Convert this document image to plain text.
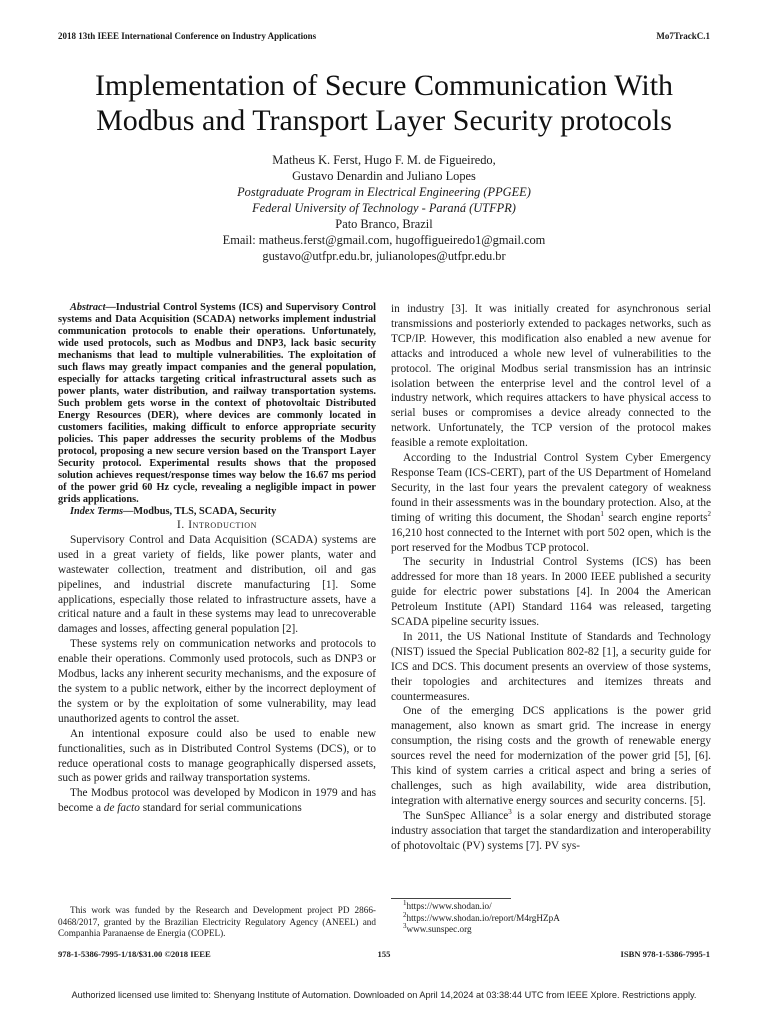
2018 13th IEEE International Conference on Industry Applications	Mo7TrackC.1
Implementation of Secure Communication With
Modbus and Transport Layer Security protocols
Matheus K. Ferst, Hugo F. M. de Figueiredo,
Gustavo Denardin and Juliano Lopes
Postgraduate Program in Electrical Engineering (PPGEE)
Federal University of Technology - Paraná (UTFPR)
Pato Branco, Brazil
Email: matheus.ferst@gmail.com, hugoffigueiredo1@gmail.com
gustavo@utfpr.edu.br, julianolopes@utfpr.edu.br

Abstract—Industrial Control Systems (ICS) and Supervisory Control systems and Data Acquisition (SCADA) networks implement industrial communication protocols to enable their operations. Unfortunately, wide used protocols, such as Modbus and DNP3, lack basic security mechanisms that lead to multiple vulnerabilities. The exploitation of such flaws may greatly impact companies and the general population, especially for attacks targeting critical infrastructural assets such as power plants, water distribution, and railway transportation systems. Such problem gets worse in the context of photovoltaic Distributed Energy Resources (DER), where devices are commonly located in customers facilities, making difficult to enforce appropriate security policies. This paper addresses the security problems of the Modbus protocol, proposing a new secure version based on the Transport Layer Security protocol. Experimental results shows that the proposed solution achieves request/response times way below the 16.67 ms period of the power grid 60 Hz cycle, revealing a negligible impact in power grids applications.

Index Terms—Modbus, TLS, SCADA, Security

I. Introduction

Supervisory Control and Data Acquisition (SCADA) systems are used in a great variety of fields, like power plants, water and wastewater collection, treatment and distribution, oil and gas pipelines, and industrial discrete manufacturing [1]. Some applications, especially those related to infrastructure assets, have a critical nature and a fault in these systems may lead to unrecoverable damages and losses, affecting general population [2].

These systems rely on communication networks and protocols to enable their operations. Commonly used protocols, such as DNP3 or Modbus, lacks any inherent security mechanisms, and the exposure of the system to a public network, either by the incorrect deployment of the system or by the exploitation of some vulnerability, may lead unauthorized agents to control the asset.

An intentional exposure could also be used to enable new functionalities, such as in Distributed Control Systems (DCS), or to reduce operational costs to manage geographically dispersed assets, such as power grids and railway transportation systems.

The Modbus protocol was developed by Modicon in 1979 and has become a de facto standard for serial communications

in industry [3]. It was initially created for asynchronous serial transmissions and posteriorly extended to packages networks, such as TCP/IP. However, this modification also enabled a new avenue for attacks and introduced a whole new level of vulnerabilities to the protocol. The original Modbus serial transmission has an intrinsic isolation between the enterprise level and the control level of a industry network, which requires attackers to have physical access to serial buses or compromises a device already connected to the network. Unfortunately, the TCP version of the protocol makes feasible a remote exploitation.

According to the Industrial Control System Cyber Emergency Response Team (ICS-CERT), part of the US Department of Homeland Security, in the last four years the prevalent category of weakness found in their assessments was in the boundary protection. Also, at the timing of writing this document, the Shodan$^1$ search engine reports$^2$ 16,210 host connected to the Internet with port 502 open, which is the port reserved for the Modbus TCP protocol.

The security in Industrial Control Systems (ICS) has been addressed for more than 18 years. In 2000 IEEE published a security guide for electric power substations [4]. In 2004 the American Petroleum Institute (API) Standard 1164 was released, targeting SCADA pipeline security issues.

In 2011, the US National Institute of Standards and Technology (NIST) issued the Special Publication 802-82 [1], a security guide for ICS and DCS. This document presents an overview of those systems, their topologies and architectures and itemizes threats and countermeasures.

One of the emerging DCS applications is the power grid management, also known as smart grid. The increase in energy consumption, the rising costs and the growth of renewable energy sources revel the need for modernization of the power grid [5], [6]. This kind of system carries a critical aspect and bring a series of challenges, such as high availability, wide area distribution, integration with alternative energy sources and security concerns. [5].

The SunSpec Alliance$^3$ is a solar energy and distributed storage industry association that target the standardization and interoperability of photovoltaic (PV) systems [7]. PV sys-

This work was funded by the Research and Development project PD 2866-0468/2017, granted by the Brazilian Electricity Regulatory Agency (ANEEL) and Companhia Paranaense de Energia (COPEL).
$^1$https://www.shodan.io/
$^2$https://www.shodan.io/report/M4rgHZpA
$^3$www.sunspec.org
978-1-5386-7995-1/18/$31.00 ©2018 IEEE	155	ISBN 978-1-5386-7995-1
Authorized licensed use limited to: Shenyang Institute of Automation. Downloaded on April 14,2024 at 03:38:44 UTC from IEEE Xplore. Restrictions apply.
